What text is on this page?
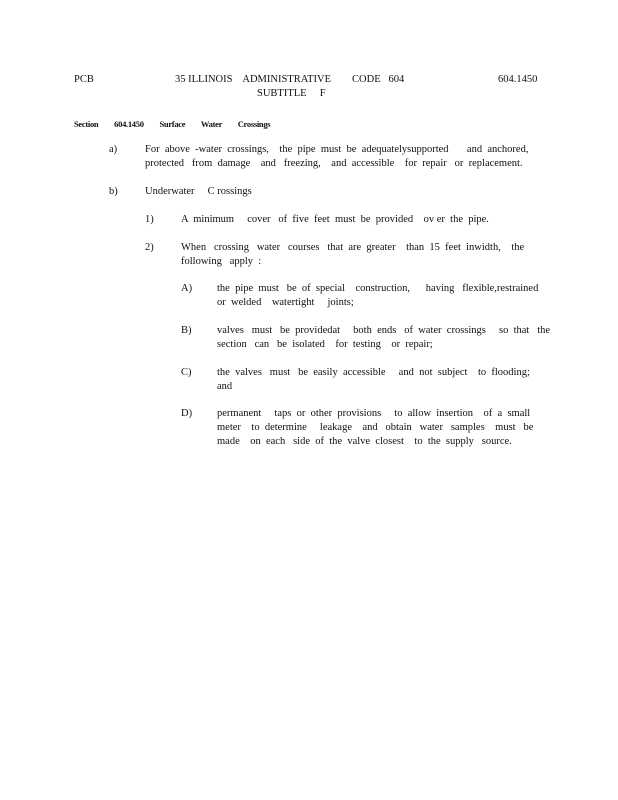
PCB	35 ILLINOIS    ADMINISTRATIVE        CODE   604
SUBTITLE     F
604.1450
Section 604.1450 Surface Water Crossings
a)	For  above  -water  crossings,    the  pipe  must  be  adequatelysupported       and  anchored,
protected   from  damage    and   freezing,    and  accessible    for  repair   or  replacement.
b)	Underwater     C rossings
1)	A  minimum     cover   of  five  feet  must  be  provided    ov er  the  pipe.
2)	When   crossing   water   courses   that  are  greater    than  15  feet  inwidth,    the
following   apply  :
A) the  pipe  must   be  of  special    construction,      having   flexible,restrained
or  welded    watertight     joints;
B) valves   must   be  providedat     both  ends   of  water  crossings     so  that   the
section   can   be  isolated    for  testing    or  repair;
C) the  valves   must   be  easily  accessible     and  not  subject    to  flooding;
and
D) permanent     taps  or  other  provisions     to  allow  insertion    of  a  small
meter    to  determine     leakage    and   obtain   water   samples    must   be
made    on  each   side  of  the  valve  closest    to  the  supply   source.
